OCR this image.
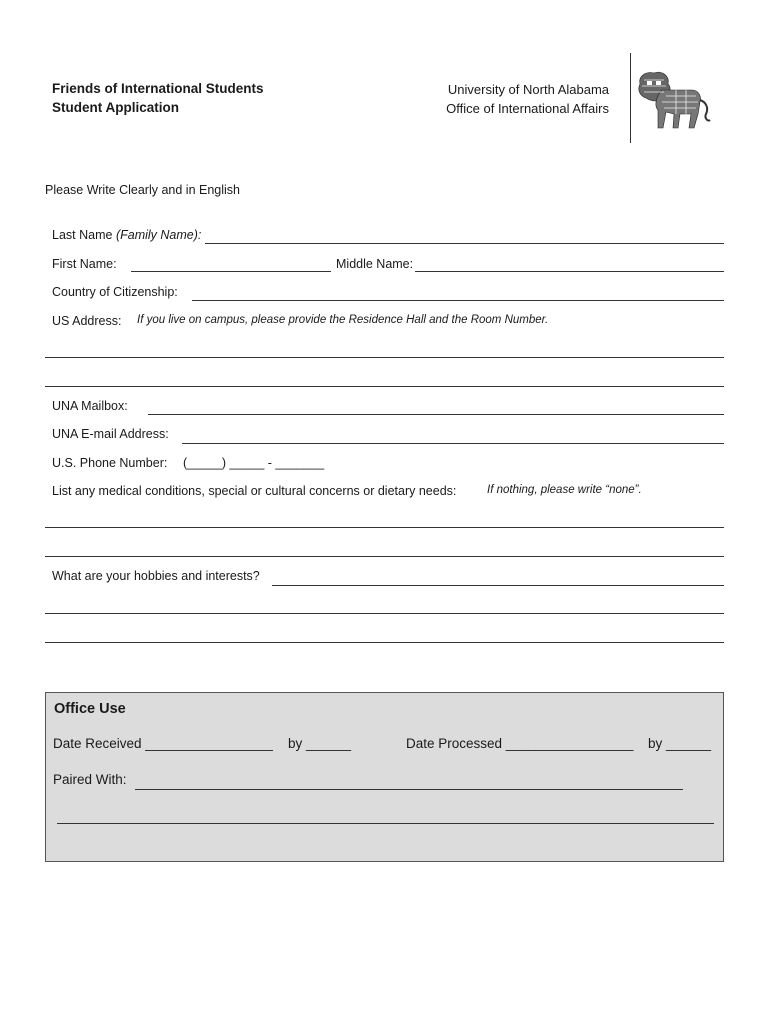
Friends of International Students
Student Application
University of North Alabama
Office of International Affairs
Please Write Clearly and in English
Last Name (Family Name):
First Name:	Middle Name:
Country of Citizenship:
US Address: If you live on campus, please provide the Residence Hall and the Room Number.
UNA Mailbox:
UNA E-mail Address:
U.S. Phone Number: (_____) _____ - _______
List any medical conditions, special or cultural concerns or dietary needs:	If nothing, please write “none”.
What are your hobbies and interests?
Office Use
Date Received _________________ by ______	Date Processed _________________ by ______
Paired With:
